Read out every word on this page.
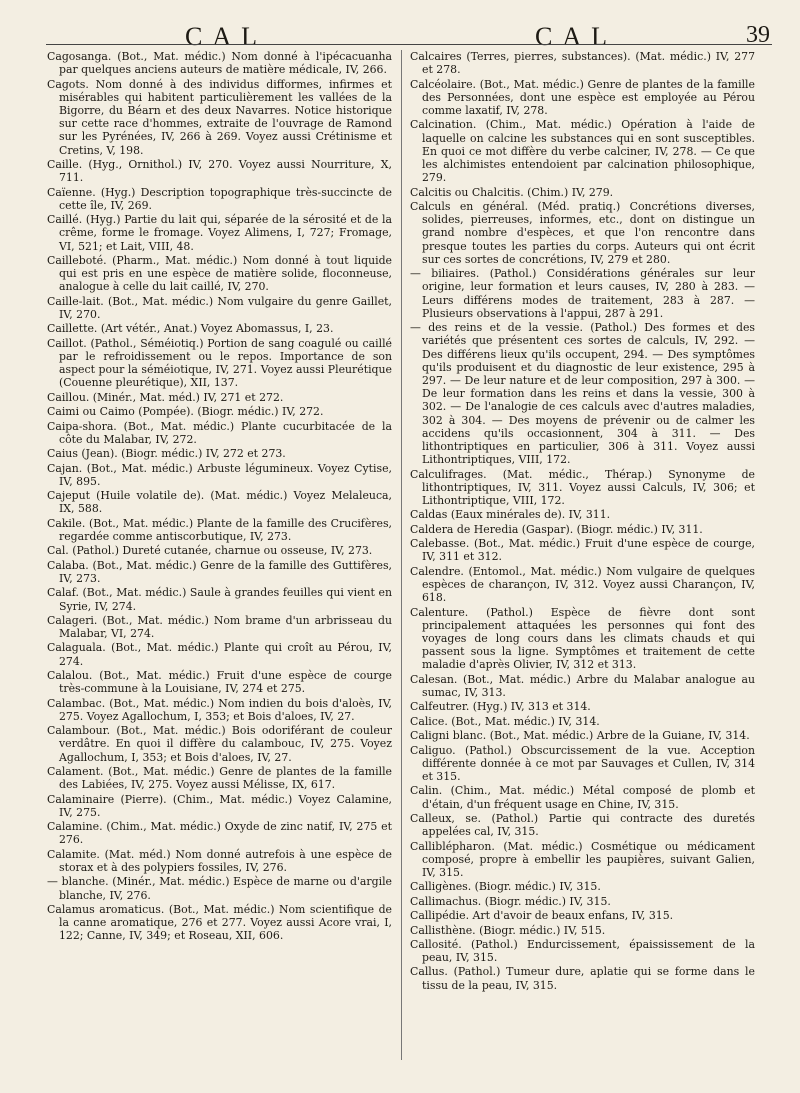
CAL	CAL	39

Cagosanga. (Bot., Mat. médic.) Nom donné à l'ipécacuanha par quelques anciens auteurs de matière médicale, IV, 266.

Cagots. Nom donné à des individus difformes, infirmes et misérables qui habitent particulièrement les vallées de la Bigorre, du Béarn et des deux Navarres. Notice historique sur cette race d'hommes, extraite de l'ouvrage de Ramond sur les Pyrénées, IV, 266 à 269. Voyez aussi Crétinisme et Cretins, V, 198.

Caille. (Hyg., Ornithol.) IV, 270. Voyez aussi Nourriture, X, 711.

Caïenne. (Hyg.) Description topographique très-succincte de cette île, IV, 269.

Caillé. (Hyg.) Partie du lait qui, séparée de la sérosité et de la crême, forme le fromage. Voyez Alimens, I, 727; Fromage, VI, 521; et Lait, VIII, 48.

Cailleboté. (Pharm., Mat. médic.) Nom donné à tout liquide qui est pris en une espèce de matière solide, floconneuse, analogue à celle du lait caillé, IV, 270.

Caille-lait. (Bot., Mat. médic.) Nom vulgaire du genre Gaillet, IV, 270.

Caillette. (Art vétér., Anat.) Voyez Abomassus, I, 23.

Caillot. (Pathol., Séméiotiq.) Portion de sang coagulé ou caillé par le refroidissement ou le repos. Importance de son aspect pour la séméiotique, IV, 271. Voyez aussi Pleurétique (Couenne pleurétique), XII, 137.

Caillou. (Minér., Mat. méd.) IV, 271 et 272.

Caimi ou Caimo (Pompée). (Biogr. médic.) IV, 272.

Caipa-shora. (Bot., Mat. médic.) Plante cucurbitacée de la côte du Malabar, IV, 272.

Caius (Jean). (Biogr. médic.) IV, 272 et 273.

Cajan. (Bot., Mat. médic.) Arbuste légumineux. Voyez Cytise, IV, 895.

Cajeput (Huile volatile de). (Mat. médic.) Voyez Melaleuca, IX, 588.

Cakile. (Bot., Mat. médic.) Plante de la famille des Crucifères, regardée comme antiscorbutique, IV, 273.

Cal. (Pathol.) Dureté cutanée, charnue ou osseuse, IV, 273.

Calaba. (Bot., Mat. médic.) Genre de la famille des Guttifères, IV, 273.

Calaf. (Bot., Mat. médic.) Saule à grandes feuilles qui vient en Syrie, IV, 274.

Calageri. (Bot., Mat. médic.) Nom brame d'un arbrisseau du Malabar, VI, 274.

Calaguala. (Bot., Mat. médic.) Plante qui croît au Pérou, IV, 274.

Calalou. (Bot., Mat. médic.) Fruit d'une espèce de courge très-commune à la Louisiane, IV, 274 et 275.

Calambac. (Bot., Mat. médic.) Nom indien du bois d'aloès, IV, 275. Voyez Agallochum, I, 353; et Bois d'aloes, IV, 27.

Calambour. (Bot., Mat. médic.) Bois odoriférant de couleur verdâtre. En quoi il diffère du calambouc, IV, 275. Voyez Agallochum, I, 353; et Bois d'aloes, IV, 27.

Calament. (Bot., Mat. médic.) Genre de plantes de la famille des Labiées, IV, 275. Voyez aussi Mélisse, IX, 617.

Calaminaire (Pierre). (Chim., Mat. médic.) Voyez Calamine, IV, 275.

Calamine. (Chim., Mat. médic.) Oxyde de zinc natif, IV, 275 et 276.

Calamite. (Mat. méd.) Nom donné autrefois à une espèce de storax et à des polypiers fossiles, IV, 276.

— blanche. (Minér., Mat. médic.) Espèce de marne ou d'argile blanche, IV, 276.

Calamus aromaticus. (Bot., Mat. médic.) Nom scientifique de la canne aromatique, 276 et 277. Voyez aussi Acore vrai, I, 122; Canne, IV, 349; et Roseau, XII, 606.

Calcaires (Terres, pierres, substances). (Mat. médic.) IV, 277 et 278.

Calcéolaire. (Bot., Mat. médic.) Genre de plantes de la famille des Personnées, dont une espèce est employée au Pérou comme laxatif, IV, 278.

Calcination. (Chim., Mat. médic.) Opération à l'aide de laquelle on calcine les substances qui en sont susceptibles. En quoi ce mot diffère du verbe calciner, IV, 278. — Ce que les alchimistes entendoient par calcination philosophique, 279.

Calcitis ou Chalcitis. (Chim.) IV, 279.

Calculs en général. (Méd. pratiq.) Concrétions diverses, solides, pierreuses, informes, etc., dont on distingue un grand nombre d'espèces, et que l'on rencontre dans presque toutes les parties du corps. Auteurs qui ont écrit sur ces sortes de concrétions, IV, 279 et 280.

— biliaires. (Pathol.) Considérations générales sur leur origine, leur formation et leurs causes, IV, 280 à 283. — Leurs différens modes de traitement, 283 à 287. — Plusieurs observations à l'appui, 287 à 291.

— des reins et de la vessie. (Pathol.) Des formes et des variétés que présentent ces sortes de calculs, IV, 292. — Des différens lieux qu'ils occupent, 294. — Des symptômes qu'ils produisent et du diagnostic de leur existence, 295 à 297. — De leur nature et de leur composition, 297 à 300. — De leur formation dans les reins et dans la vessie, 300 à 302. — De l'analogie de ces calculs avec d'autres maladies, 302 à 304. — Des moyens de prévenir ou de calmer les accidens qu'ils occasionnent, 304 à 311. — Des lithontriptiques en particulier, 306 à 311. Voyez aussi Lithontriptiques, VIII, 172.

Calculifrages. (Mat. médic., Thérap.) Synonyme de lithontriptiques, IV, 311. Voyez aussi Calculs, IV, 306; et Lithontriptique, VIII, 172.

Caldas (Eaux minérales de). IV, 311.

Caldera de Heredia (Gaspar). (Biogr. médic.) IV, 311.

Calebasse. (Bot., Mat. médic.) Fruit d'une espèce de courge, IV, 311 et 312.

Calendre. (Entomol., Mat. médic.) Nom vulgaire de quelques espèces de charançon, IV, 312. Voyez aussi Charançon, IV, 618.

Calenture. (Pathol.) Espèce de fièvre dont sont principalement attaquées les personnes qui font des voyages de long cours dans les climats chauds et qui passent sous la ligne. Symptômes et traitement de cette maladie d'après Olivier, IV, 312 et 313.

Calesan. (Bot., Mat. médic.) Arbre du Malabar analogue au sumac, IV, 313.

Calfeutrer. (Hyg.) IV, 313 et 314.

Calice. (Bot., Mat. médic.) IV, 314.

Caligni blanc. (Bot., Mat. médic.) Arbre de la Guiane, IV, 314.

Caliguo. (Pathol.) Obscurcissement de la vue. Acception différente donnée à ce mot par Sauvages et Cullen, IV, 314 et 315.

Calin. (Chim., Mat. médic.) Métal composé de plomb et d'étain, d'un fréquent usage en Chine, IV, 315.

Calleux, se. (Pathol.) Partie qui contracte des duretés appelées cal, IV, 315.

Calliblépharon. (Mat. médic.) Cosmétique ou médicament composé, propre à embellir les paupières, suivant Galien, IV, 315.

Calligènes. (Biogr. médic.) IV, 315.

Callimachus. (Biogr. médic.) IV, 315.

Callipédie. Art d'avoir de beaux enfans, IV, 315.

Callisthène. (Biogr. médic.) IV, 515.

Callosité. (Pathol.) Endurcissement, épaississement de la peau, IV, 315.

Callus. (Pathol.) Tumeur dure, aplatie qui se forme dans le tissu de la peau, IV, 315.
